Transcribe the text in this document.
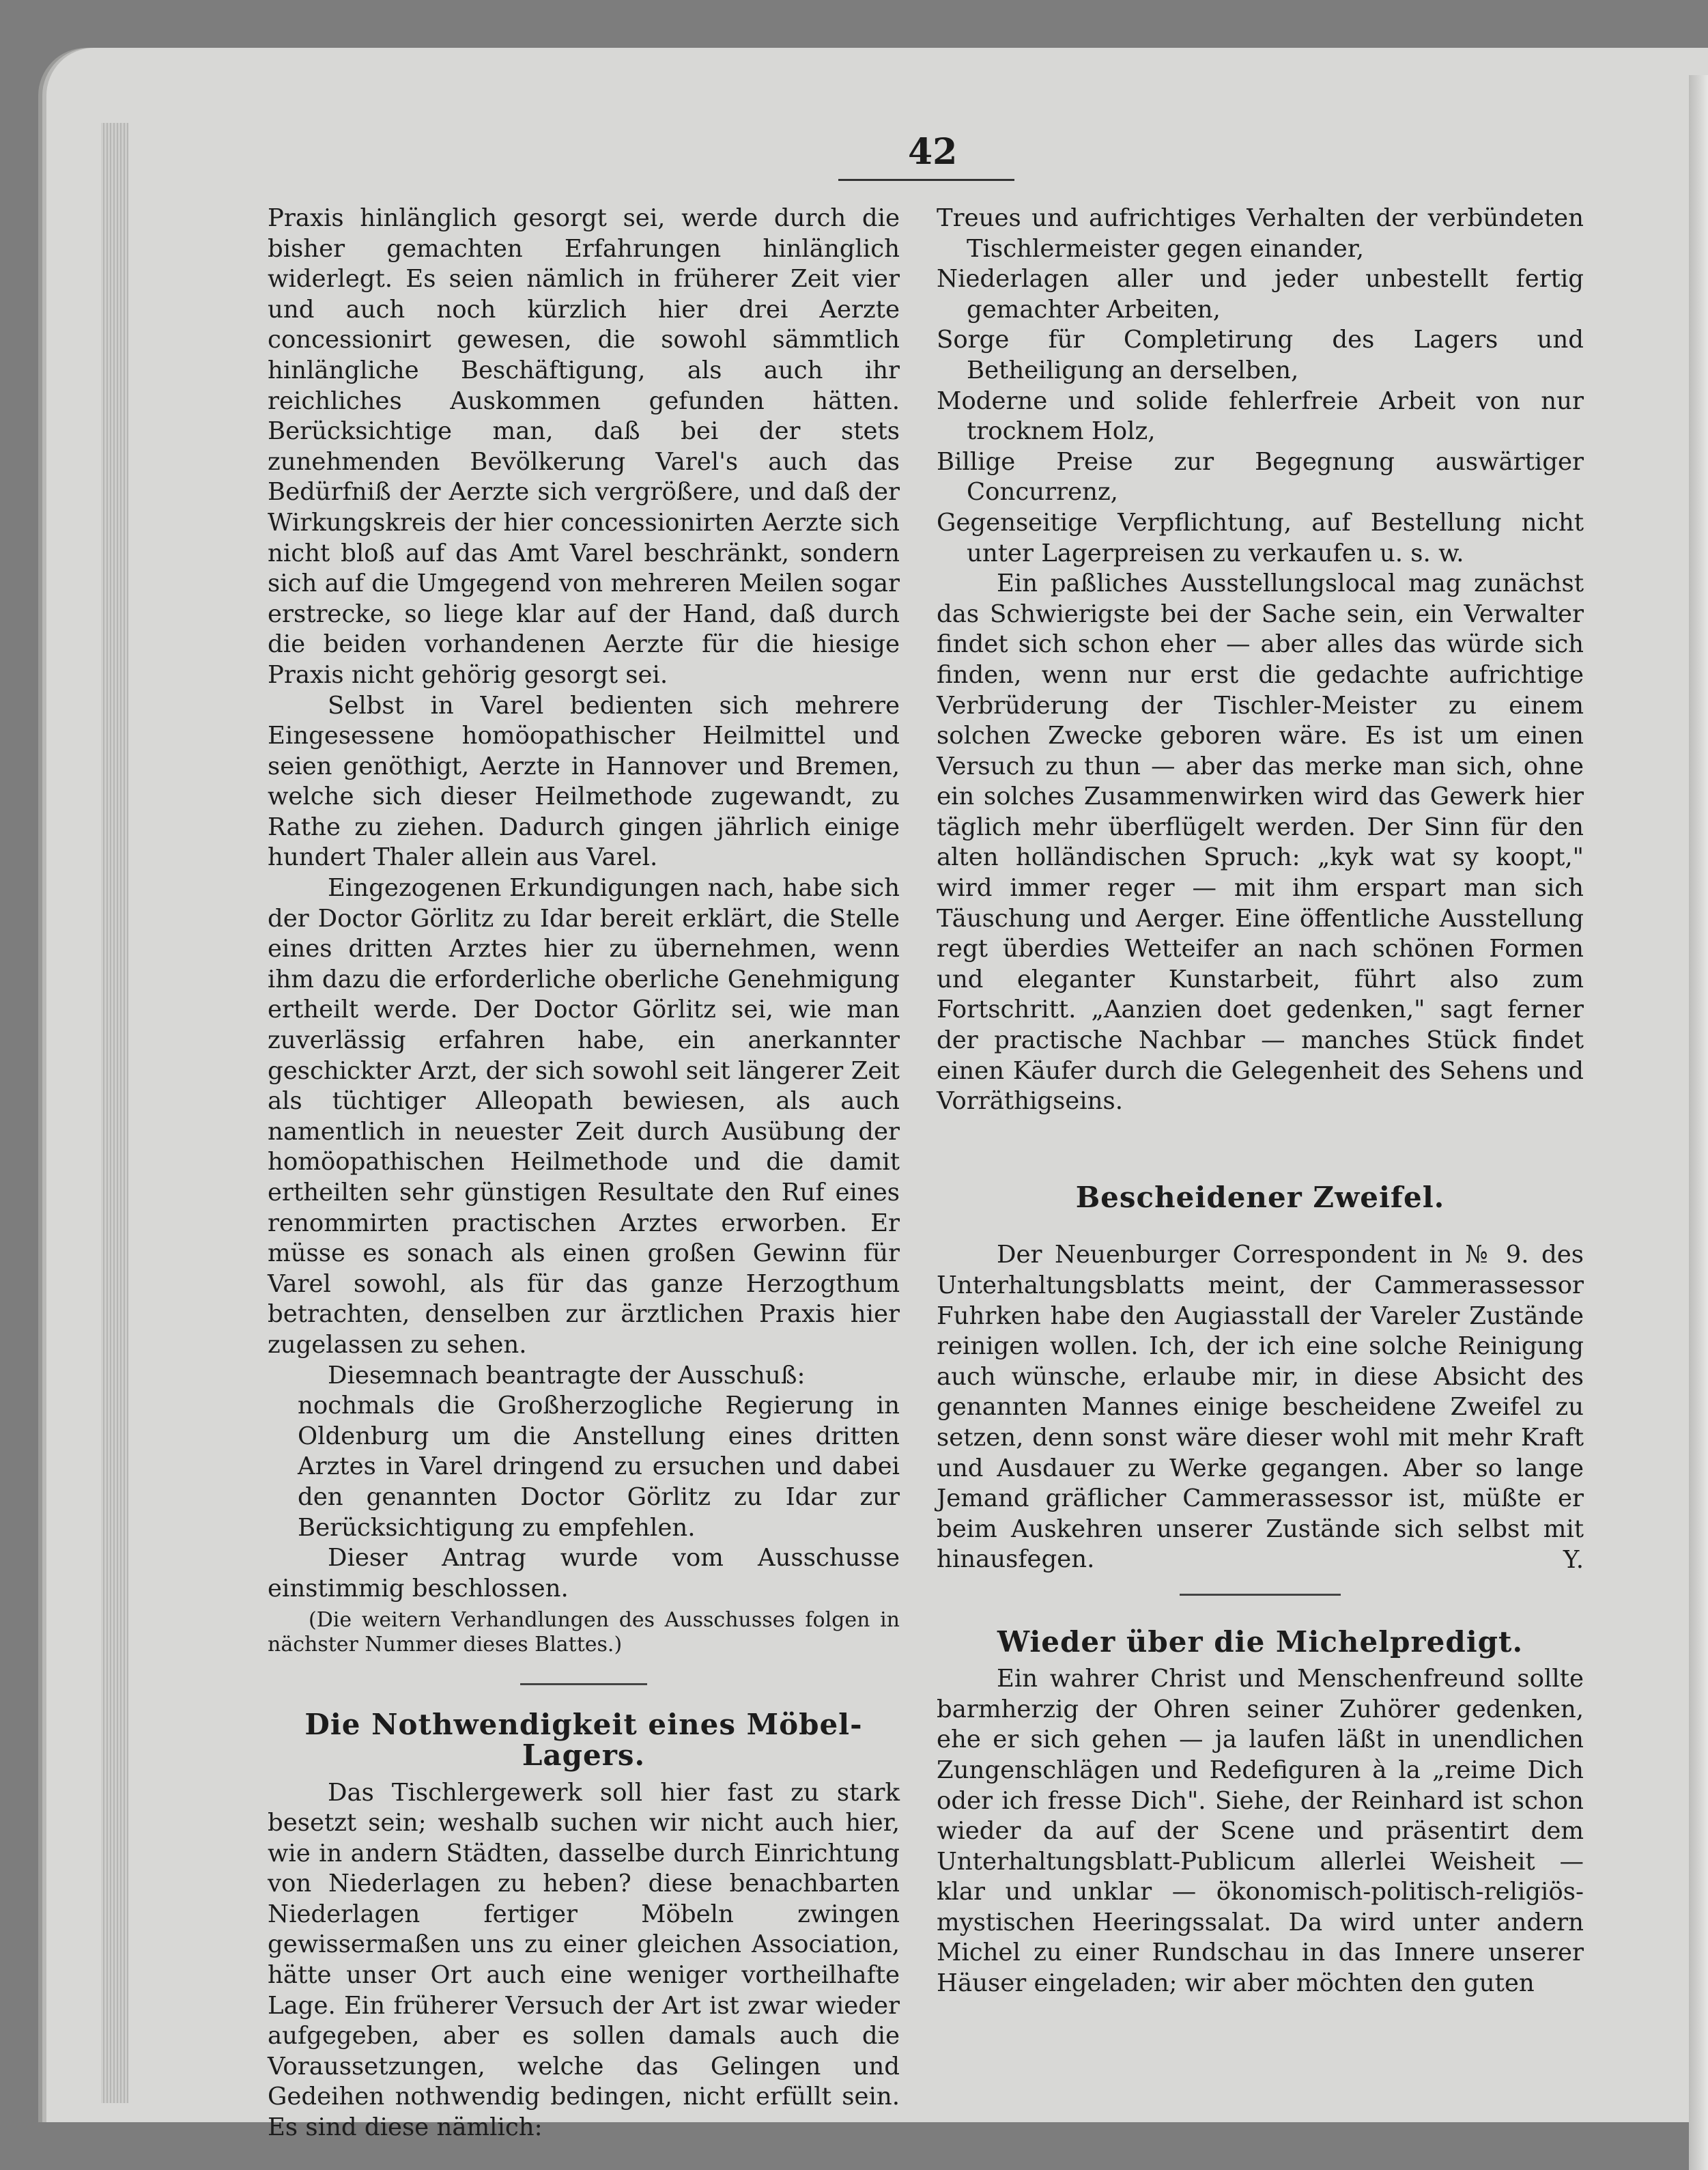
42

Praxis hinlänglich gesorgt sei, werde durch die bisher gemachten Erfahrungen hinlänglich widerlegt. Es seien nämlich in früherer Zeit vier und auch noch kürzlich hier drei Aerzte concessionirt gewesen, die sowohl sämmtlich hinlängliche Beschäftigung, als auch ihr reichliches Auskommen gefunden hätten. Berücksichtige man, daß bei der stets zunehmenden Bevölkerung Varel's auch das Bedürfniß der Aerzte sich vergrößere, und daß der Wirkungskreis der hier concessionirten Aerzte sich nicht bloß auf das Amt Varel beschränkt, sondern sich auf die Umgegend von mehreren Meilen sogar erstrecke, so liege klar auf der Hand, daß durch die beiden vorhandenen Aerzte für die hiesige Praxis nicht gehörig gesorgt sei.

Selbst in Varel bedienten sich mehrere Eingesessene homöopathischer Heilmittel und seien genöthigt, Aerzte in Hannover und Bremen, welche sich dieser Heilmethode zugewandt, zu Rathe zu ziehen. Dadurch gingen jährlich einige hundert Thaler allein aus Varel.

Eingezogenen Erkundigungen nach, habe sich der Doctor Görlitz zu Idar bereit erklärt, die Stelle eines dritten Arztes hier zu übernehmen, wenn ihm dazu die erforderliche oberliche Genehmigung ertheilt werde. Der Doctor Görlitz sei, wie man zuverlässig erfahren habe, ein anerkannter geschickter Arzt, der sich sowohl seit längerer Zeit als tüchtiger Alleopath bewiesen, als auch namentlich in neuester Zeit durch Ausübung der homöopathischen Heilmethode und die damit ertheilten sehr günstigen Resultate den Ruf eines renommirten practischen Arztes erworben. Er müsse es sonach als einen großen Gewinn für Varel sowohl, als für das ganze Herzogthum betrachten, denselben zur ärztlichen Praxis hier zugelassen zu sehen.

Diesemnach beantragte der Ausschuß:

nochmals die Großherzogliche Regierung in Oldenburg um die Anstellung eines dritten Arztes in Varel dringend zu ersuchen und dabei den genannten Doctor Görlitz zu Idar zur Berücksichtigung zu empfehlen.

Dieser Antrag wurde vom Ausschusse einstimmig beschlossen.

(Die weitern Verhandlungen des Ausschusses folgen in nächster Nummer dieses Blattes.)

Die Nothwendigkeit eines Möbel-Lagers.

Das Tischlergewerk soll hier fast zu stark besetzt sein; weshalb suchen wir nicht auch hier, wie in andern Städten, dasselbe durch Einrichtung von Niederlagen zu heben? diese benachbarten Niederlagen fertiger Möbeln zwingen gewissermaßen uns zu einer gleichen Association, hätte unser Ort auch eine weniger vortheilhafte Lage. Ein früherer Versuch der Art ist zwar wieder aufgegeben, aber es sollen damals auch die Voraussetzungen, welche das Gelingen und Gedeihen nothwendig bedingen, nicht erfüllt sein. Es sind diese nämlich:

Treues und aufrichtiges Verhalten der verbündeten Tischlermeister gegen einander,

Niederlagen aller und jeder unbestellt fertig gemachter Arbeiten,

Sorge für Completirung des Lagers und Betheiligung an derselben,

Moderne und solide fehlerfreie Arbeit von nur trocknem Holz,

Billige Preise zur Begegnung auswärtiger Concurrenz,

Gegenseitige Verpflichtung, auf Bestellung nicht unter Lagerpreisen zu verkaufen u. s. w.

Ein paßliches Ausstellungslocal mag zunächst das Schwierigste bei der Sache sein, ein Verwalter findet sich schon eher — aber alles das würde sich finden, wenn nur erst die gedachte aufrichtige Verbrüderung der Tischler-Meister zu einem solchen Zwecke geboren wäre. Es ist um einen Versuch zu thun — aber das merke man sich, ohne ein solches Zusammenwirken wird das Gewerk hier täglich mehr überflügelt werden. Der Sinn für den alten holländischen Spruch: „kyk wat sy koopt," wird immer reger — mit ihm erspart man sich Täuschung und Aerger. Eine öffentliche Ausstellung regt überdies Wetteifer an nach schönen Formen und eleganter Kunstarbeit, führt also zum Fortschritt. „Aanzien doet gedenken," sagt ferner der practische Nachbar — manches Stück findet einen Käufer durch die Gelegenheit des Sehens und Vorräthigseins.

Bescheidener Zweifel.

Der Neuenburger Correspondent in № 9. des Unterhaltungsblatts meint, der Cammerassessor Fuhrken habe den Augiasstall der Vareler Zustände reinigen wollen. Ich, der ich eine solche Reinigung auch wünsche, erlaube mir, in diese Absicht des genannten Mannes einige bescheidene Zweifel zu setzen, denn sonst wäre dieser wohl mit mehr Kraft und Ausdauer zu Werke gegangen. Aber so lange Jemand gräflicher Cammerassessor ist, müßte er beim Auskehren unserer Zustände sich selbst mit hinausfegen.	Y.

Wieder über die Michelpredigt.

Ein wahrer Christ und Menschenfreund sollte barmherzig der Ohren seiner Zuhörer gedenken, ehe er sich gehen — ja laufen läßt in unendlichen Zungenschlägen und Redefiguren à la „reime Dich oder ich fresse Dich". Siehe, der Reinhard ist schon wieder da auf der Scene und präsentirt dem Unterhaltungsblatt-Publicum allerlei Weisheit — klar und unklar — ökonomisch-politisch-religiös-mystischen Heeringssalat. Da wird unter andern Michel zu einer Rundschau in das Innere unserer Häuser eingeladen; wir aber möchten den guten
